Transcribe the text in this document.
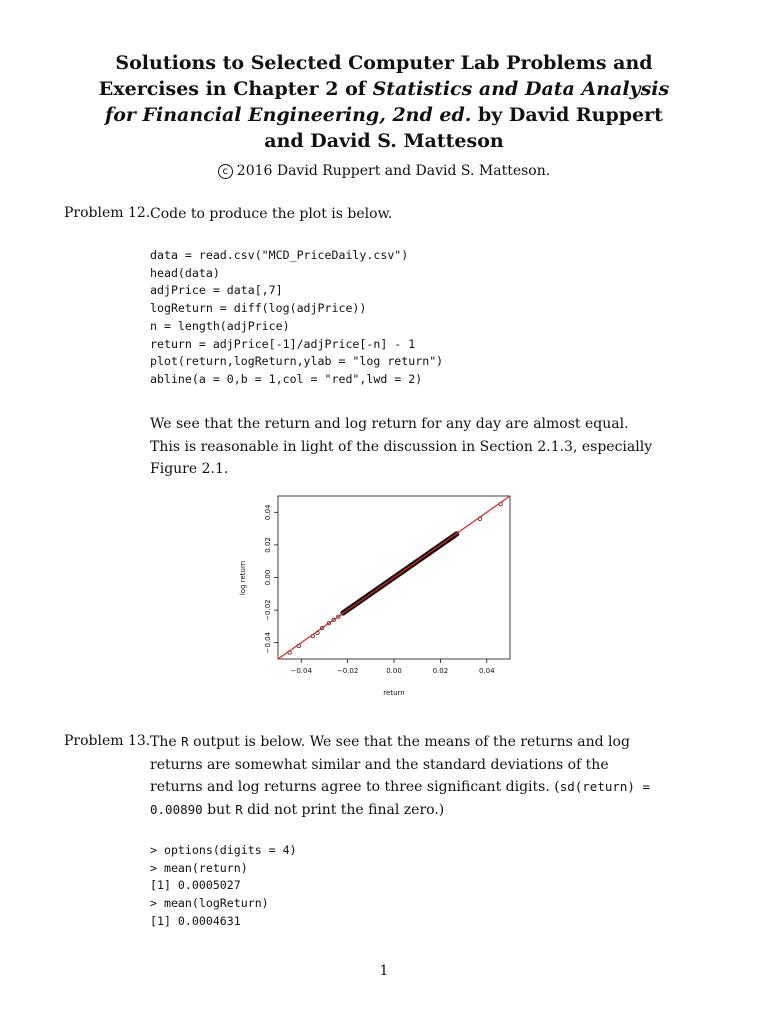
Solutions to Selected Computer Lab Problems and Exercises in Chapter 2 of Statistics and Data Analysis for Financial Engineering, 2nd ed. by David Ruppert and David S. Matteson
c 2016 David Ruppert and David S. Matteson.
Problem 12. Code to produce the plot is below.

data = read.csv("MCD_PriceDaily.csv")
head(data)
adjPrice = data[,7]
logReturn = diff(log(adjPrice))
n = length(adjPrice)
return = adjPrice[-1]/adjPrice[-n] - 1
plot(return,logReturn,ylab = "log return")
abline(a = 0,b = 1,col = "red",lwd = 2)

We see that the return and log return for any day are almost equal. This is reasonable in light of the discussion in Section 2.1.3, especially Figure 2.1.

−0.04	−0.02	0.00	0.02	0.04
−0.04
−0.02
0.00
0.02
0.04
return
log return
Problem 13. The R output is below. We see that the means of the returns and log returns are somewhat similar and the standard deviations of the returns and log returns agree to three significant digits. (sd(return) = 0.00890 but R did not print the final zero.)

> options(digits = 4)
> mean(return)
[1] 0.0005027
> mean(logReturn)
[1] 0.0004631
1
